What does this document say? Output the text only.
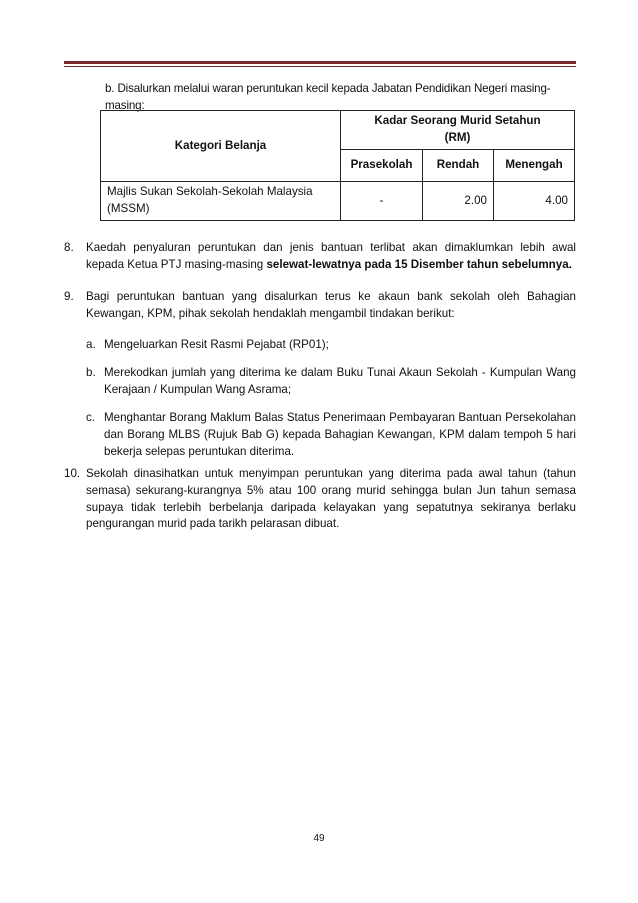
b. Disalurkan melalui waran peruntukan kecil kepada Jabatan Pendidikan Negeri masing-masing:
Kategori Belanja	Kadar Seorang Murid Setahun
(RM)		
	Prasekolah	Rendah	Menengah
Majlis Sukan Sekolah-Sekolah Malaysia
(MSSM)	-	2.00	4.00
8. Kaedah penyaluran peruntukan dan jenis bantuan terlibat akan dimaklumkan lebih awal kepada Ketua PTJ masing-masing selewat-lewatnya pada 15 Disember tahun sebelumnya.
9. Bagi peruntukan bantuan yang disalurkan terus ke akaun bank sekolah oleh Bahagian Kewangan, KPM, pihak sekolah hendaklah mengambil tindakan berikut:
a. Mengeluarkan Resit Rasmi Pejabat (RP01);
b. Merekodkan jumlah yang diterima ke dalam Buku Tunai Akaun Sekolah - Kumpulan Wang Kerajaan / Kumpulan Wang Asrama;
c. Menghantar Borang Maklum Balas Status Penerimaan Pembayaran Bantuan Persekolahan dan Borang MLBS (Rujuk Bab G) kepada Bahagian Kewangan, KPM dalam tempoh 5 hari bekerja selepas peruntukan diterima.
10. Sekolah dinasihatkan untuk menyimpan peruntukan yang diterima pada awal tahun (tahun semasa) sekurang-kurangnya 5% atau 100 orang murid sehingga bulan Jun tahun semasa supaya tidak terlebih berbelanja daripada kelayakan yang sepatutnya sekiranya berlaku pengurangan murid pada tarikh pelarasan dibuat.
49
